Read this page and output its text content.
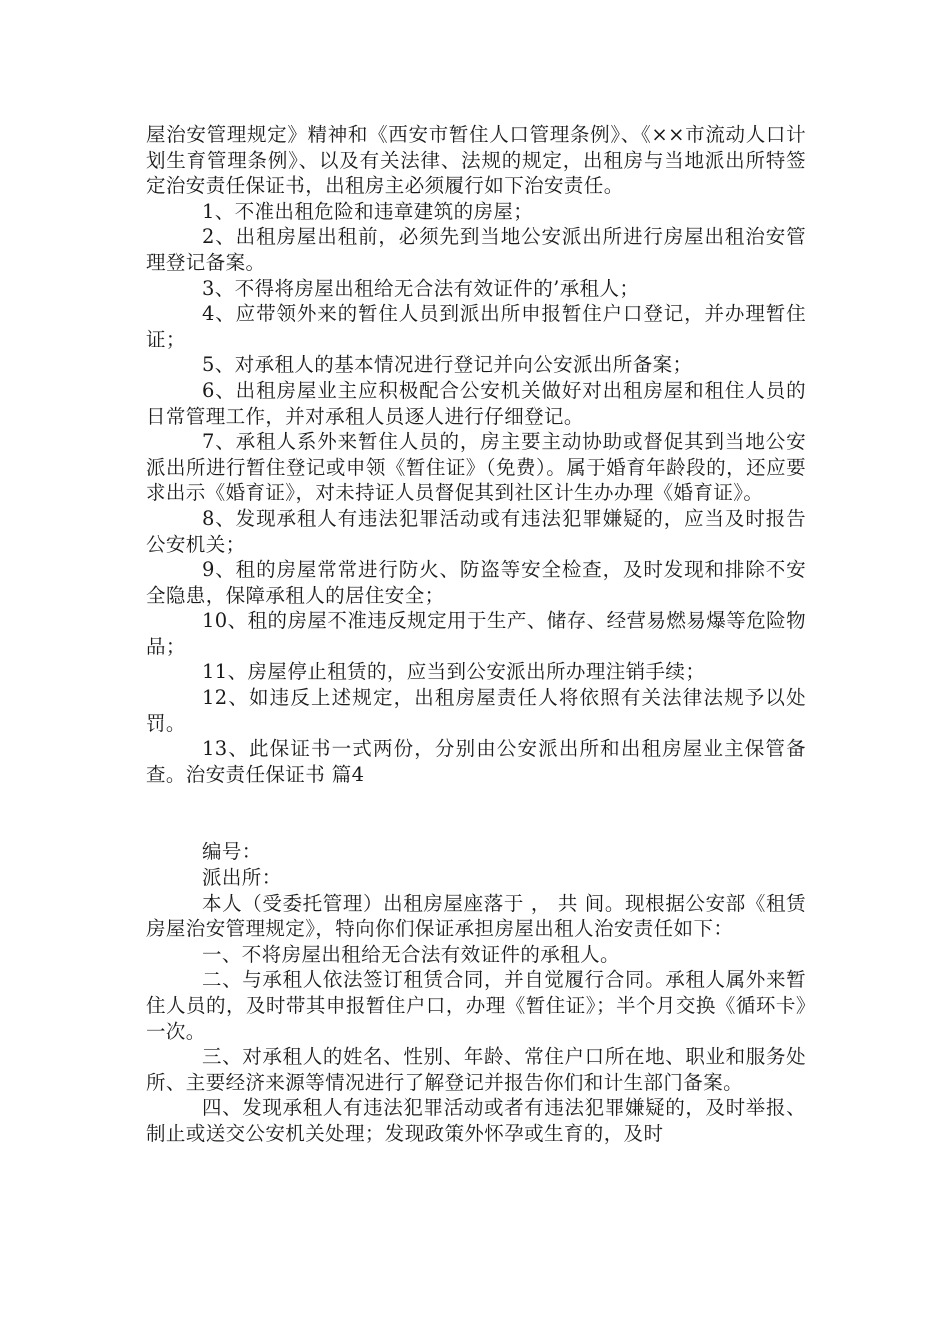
屋治安管理规定》精神和《西安市暂住人口管理条例》、《××市流动人口计划生育管理条例》、以及有关法律、法规的规定，出租房与当地派出所特签定治安责任保证书，出租房主必须履行如下治安责任。

1、不准出租危险和违章建筑的房屋；

2、出租房屋出租前，必须先到当地公安派出所进行房屋出租治安管理登记备案。

3、不得将房屋出租给无合法有效证件的’承租人；

4、应带领外来的暂住人员到派出所申报暂住户口登记，并办理暂住证；

5、对承租人的基本情况进行登记并向公安派出所备案；

6、出租房屋业主应积极配合公安机关做好对出租房屋和租住人员的日常管理工作，并对承租人员逐人进行仔细登记。

7、承租人系外来暂住人员的，房主要主动协助或督促其到当地公安派出所进行暂住登记或申领《暂住证》（免费）。属于婚育年龄段的，还应要求出示《婚育证》，对未持证人员督促其到社区计生办办理《婚育证》。

8、发现承租人有违法犯罪活动或有违法犯罪嫌疑的，应当及时报告公安机关；

9、租的房屋常常进行防火、防盗等安全检查，及时发现和排除不安全隐患，保障承租人的居住安全；

10、租的房屋不准违反规定用于生产、储存、经营易燃易爆等危险物品；

11、房屋停止租赁的，应当到公安派出所办理注销手续；

12、如违反上述规定，出租房屋责任人将依照有关法律法规予以处罚。

13、此保证书一式两份，分别由公安派出所和出租房屋业主保管备查。治安责任保证书 篇4

编号：

派出所：

本人（受委托管理）出租房屋座落于 ， 共 间。现根据公安部《租赁房屋治安管理规定》，特向你们保证承担房屋出租人治安责任如下：

一、不将房屋出租给无合法有效证件的承租人。

二、与承租人依法签订租赁合同，并自觉履行合同。承租人属外来暂住人员的，及时带其申报暂住户口，办理《暂住证》；半个月交换《循环卡》一次。

三、对承租人的姓名、性别、年龄、常住户口所在地、职业和服务处所、主要经济来源等情况进行了解登记并报告你们和计生部门备案。

四、发现承租人有违法犯罪活动或者有违法犯罪嫌疑的，及时举报、制止或送交公安机关处理；发现政策外怀孕或生育的，及时
